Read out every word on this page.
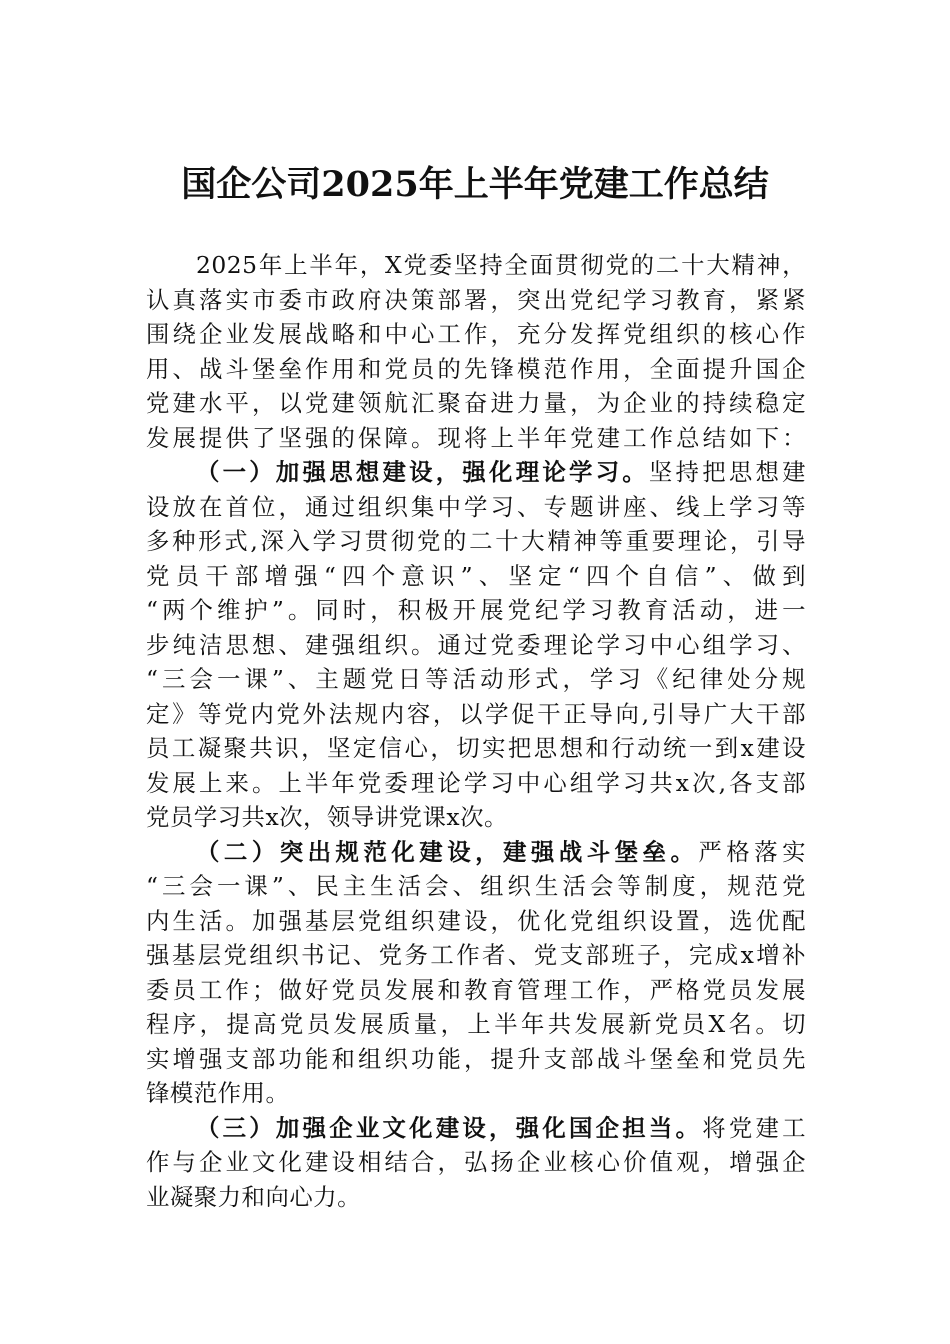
国企公司2025年上半年党建工作总结
2025年上半年，X党委坚持全面贯彻党的二十大精神，
认真落实市委市政府决策部署，突出党纪学习教育，紧紧
围绕企业发展战略和中心工作，充分发挥党组织的核心作
用、战斗堡垒作用和党员的先锋模范作用，全面提升国企
党建水平，以党建领航汇聚奋进力量，为企业的持续稳定
发展提供了坚强的保障。现将上半年党建工作总结如下：
（一）加强思想建设，强化理论学习。坚持把思想建
设放在首位，通过组织集中学习、专题讲座、线上学习等
多种形式,深入学习贯彻党的二十大精神等重要理论，引导
党员干部增强“四个意识”、坚定“四个自信”、做到
“两个维护”。同时，积极开展党纪学习教育活动，进一
步纯洁思想、建强组织。通过党委理论学习中心组学习、
“三会一课”、主题党日等活动形式，学习《纪律处分规
定》等党内党外法规内容，以学促干正导向,引导广大干部
员工凝聚共识，坚定信心，切实把思想和行动统一到x建设
发展上来。上半年党委理论学习中心组学习共x次,各支部
党员学习共x次，领导讲党课x次。
（二）突出规范化建设，建强战斗堡垒。严格落实
“三会一课”、民主生活会、组织生活会等制度，规范党
内生活。加强基层党组织建设，优化党组织设置，选优配
强基层党组织书记、党务工作者、党支部班子，完成x增补
委员工作；做好党员发展和教育管理工作，严格党员发展
程序，提高党员发展质量，上半年共发展新党员X名。切
实增强支部功能和组织功能，提升支部战斗堡垒和党员先
锋模范作用。
（三）加强企业文化建设，强化国企担当。将党建工
作与企业文化建设相结合，弘扬企业核心价值观，增强企
业凝聚力和向心力。
